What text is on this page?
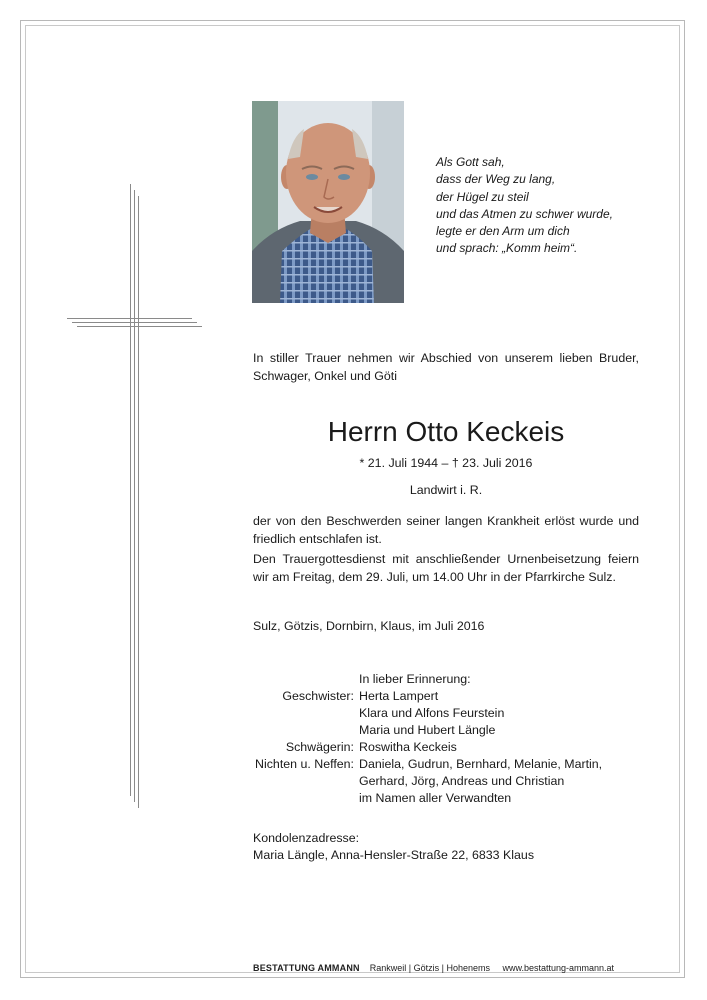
Als Gott sah,
dass der Weg zu lang,
der Hügel zu steil
und das Atmen zu schwer wurde,
legte er den Arm um dich
und sprach: „Komm heim“.
In stiller Trauer nehmen wir Abschied von unserem lieben Bruder, Schwager, Onkel und Göti
Herrn Otto Keckeis
* 21. Juli 1944 – † 23. Juli 2016
Landwirt i. R.
der von den Beschwerden seiner langen Krankheit erlöst wurde und friedlich entschlafen ist.
Den Trauergottesdienst mit anschließender Urnenbeisetzung feiern wir am Freitag, dem 29. Juli, um 14.00 Uhr in der Pfarrkirche Sulz.
Sulz, Götzis, Dornbirn, Klaus, im Juli 2016
In lieber Erinnerung:
Geschwister: Herta Lampert
Klara und Alfons Feurstein
Maria und Hubert Längle
Schwägerin: Roswitha Keckeis
Nichten u. Neffen: Daniela, Gudrun, Bernhard, Melanie, Martin,
Gerhard, Jörg, Andreas und Christian
im Namen aller Verwandten
Kondolenzadresse:
Maria Längle, Anna-Hensler-Straße 22, 6833 Klaus
BESTATTUNG AMMANN Rankweil | Götzis | Hohenems www.bestattung-ammann.at
